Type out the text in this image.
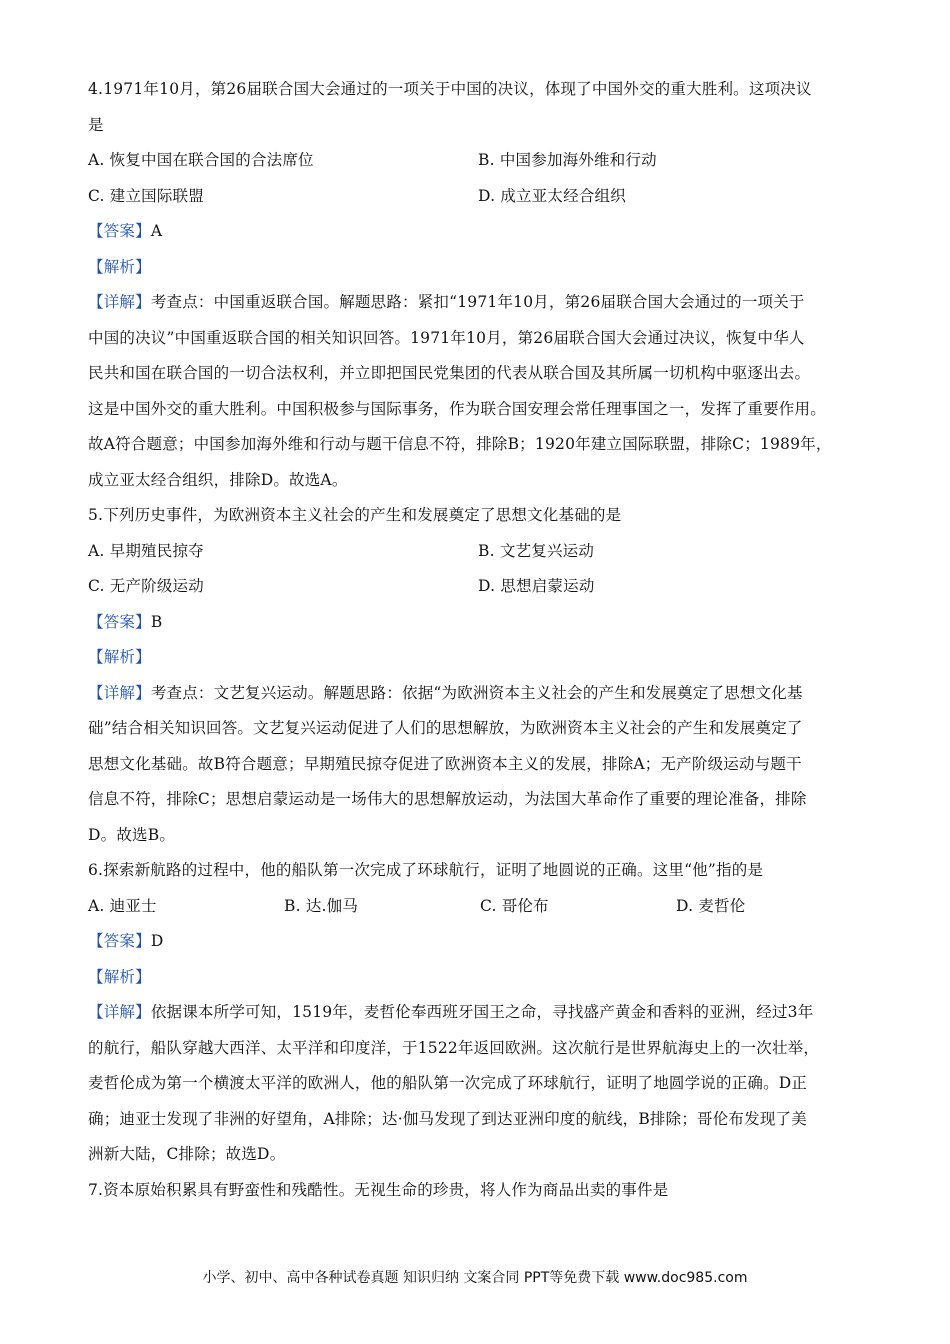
4.1971年10月，第26届联合国大会通过的一项关于中国的决议，体现了中国外交的重大胜利。这项决议
是
A. 恢复中国在联合国的合法席位	B. 中国参加海外维和行动
C. 建立国际联盟	D. 成立亚太经合组织
【答案】A
【解析】
【详解】考查点：中国重返联合国。解题思路：紧扣“1971年10月，第26届联合国大会通过的一项关于
中国的决议”中国重返联合国的相关知识回答。1971年10月，第26届联合国大会通过决议，恢复中华人
民共和国在联合国的一切合法权利，并立即把国民党集团的代表从联合国及其所属一切机构中驱逐出去。
这是中国外交的重大胜利。中国积极参与国际事务，作为联合国安理会常任理事国之一，发挥了重要作用。
故A符合题意；中国参加海外维和行动与题干信息不符，排除B；1920年建立国际联盟，排除C；1989年，
成立亚太经合组织，排除D。故选A。
5.下列历史事件，为欧洲资本主义社会的产生和发展奠定了思想文化基础的是
A. 早期殖民掠夺	B. 文艺复兴运动
C. 无产阶级运动	D. 思想启蒙运动
【答案】B
【解析】
【详解】考查点：文艺复兴运动。解题思路：依据“为欧洲资本主义社会的产生和发展奠定了思想文化基
础”结合相关知识回答。文艺复兴运动促进了人们的思想解放，为欧洲资本主义社会的产生和发展奠定了
思想文化基础。故B符合题意；早期殖民掠夺促进了欧洲资本主义的发展，排除A；无产阶级运动与题干
信息不符，排除C；思想启蒙运动是一场伟大的思想解放运动，为法国大革命作了重要的理论准备，排除
D。故选B。
6.探索新航路的过程中，他的船队第一次完成了环球航行，证明了地圆说的正确。这里“他”指的是
A. 迪亚士	B. 达.伽马	C. 哥伦布	D. 麦哲伦
【答案】D
【解析】
【详解】依据课本所学可知，1519年，麦哲伦奉西班牙国王之命，寻找盛产黄金和香料的亚洲，经过3年
的航行，船队穿越大西洋、太平洋和印度洋，于1522年返回欧洲。这次航行是世界航海史上的一次壮举，
麦哲伦成为第一个横渡太平洋的欧洲人，他的船队第一次完成了环球航行，证明了地圆学说的正确。D正
确；迪亚士发现了非洲的好望角，A排除；达·伽马发现了到达亚洲印度的航线，B排除；哥伦布发现了美
洲新大陆，C排除；故选D。
7.资本原始积累具有野蛮性和残酷性。无视生命的珍贵，将人作为商品出卖的事件是
小学、初中、高中各种试卷真题 知识归纳 文案合同 PPT等免费下载 www.doc985.com
